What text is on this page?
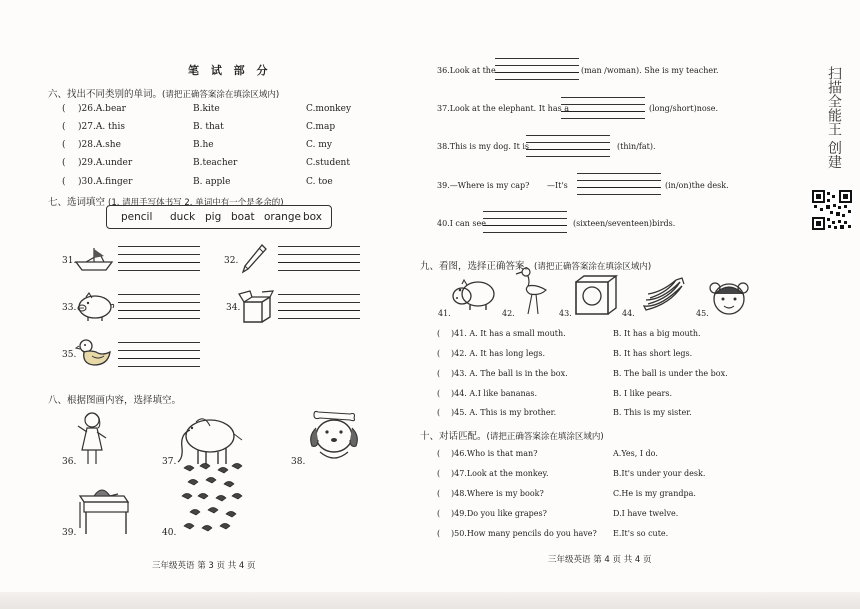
笔 试 部 分
六、找出不同类别的单词。(请把正确答案涂在填涂区域内)
( )26.A.bear	B.kite	C.monkey
( )27.A. this	B. that	C.map
( )28.A.she	B.he	C. my
( )29.A.under	B.teacher	C.student
( )30.A.finger	B. apple	C. toe
七、选词填空 (1. 请用手写体书写 2. 单词中有一个是多余的)
pencil duck pig boat orange box
31.	32.
33.	34.
35.
八、根据图画内容，选择填空。
36.	37.	38.
39.	40.
三年级英语 第 3 页 共 4 页
36.Look at the	(man /woman). She is my teacher.
37.Look at the elephant. It has a	(long/short)nose.
38.This is my dog. It is	(thin/fat).
39.—Where is my cap? —It's	(in/on)the desk.
40.I can see	(sixteen/seventeen)birds.
九、看图，选择正确答案。(请把正确答案涂在填涂区域内)
41.	42.	43.	44.	45.
( )41. A. It has a small mouth.	B. It has a big mouth.
( )42. A. It has long legs.	B. It has short legs.
( )43. A. The ball is in the box.	B. The ball is under the box.
( )44. A.I like bananas.	B. I like pears.
( )45. A. This is my brother.	B. This is my sister.
十、对话匹配。(请把正确答案涂在填涂区域内)
( )46.Who is that man?	A.Yes, I do.
( )47.Look at the monkey.	B.It's under your desk.
( )48.Where is my book?	C.He is my grandpa.
( )49.Do you like grapes?	D.I have twelve.
( )50.How many pencils do you have? E.It's so cute.
三年级英语 第 4 页 共 4 页
扫描全能王 创建
